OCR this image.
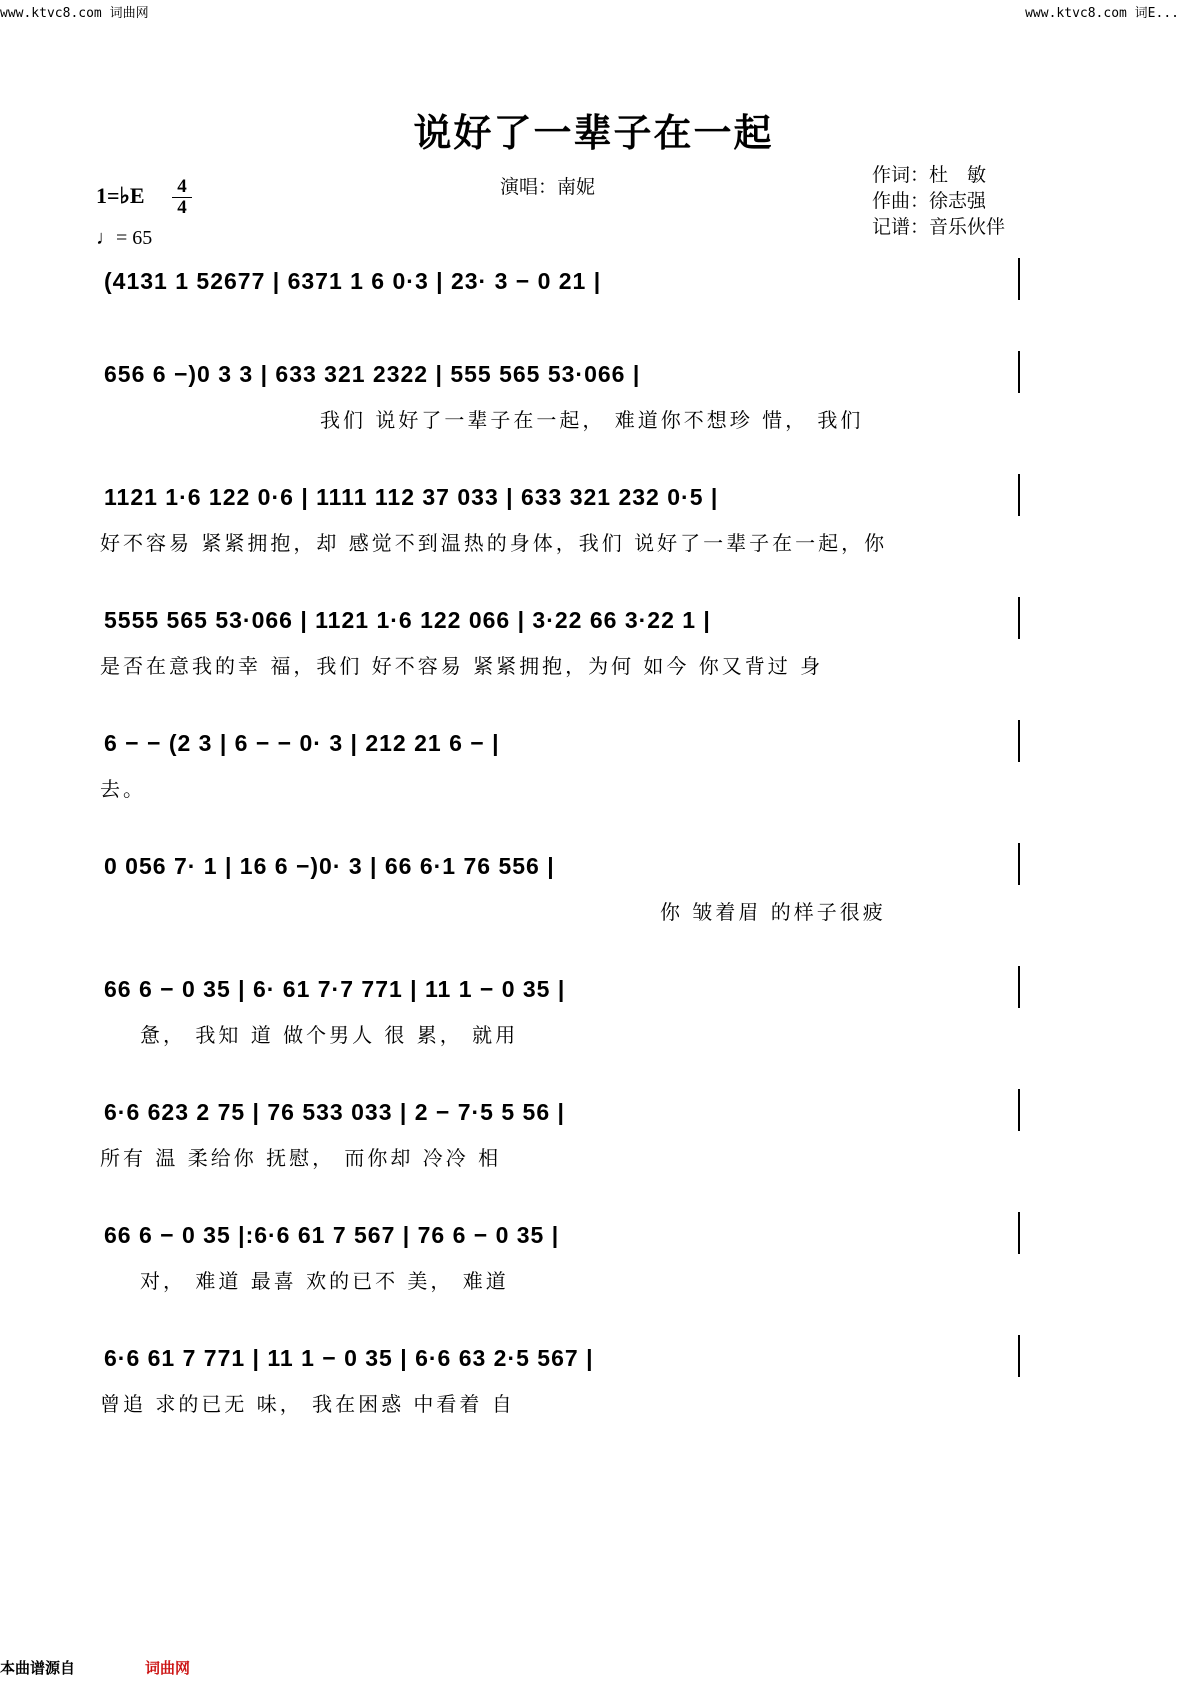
www.ktvc8.com 词曲网	www.ktvc8.com 词E...
说好了一辈子在一起
演唱：南妮
作词：杜　敏
作曲：徐志强
记谱：音乐伙伴
1=♭E 4
4
♩= 65
(4131 1 52677 | 6371 1 6 0·3 | 23· 3 − 0 21 |
656 6 −)0 3 3 | 633 321 2322 | 555 565 53·066 |
我们 说好了一辈子在一起， 难道你不想珍 惜， 我们
1121 1·6 122 0·6 | 1111 112 37 033 | 633 321 232 0·5 |
好不容易 紧紧拥抱，却 感觉不到温热的身体，我们 说好了一辈子在一起，你
5555 565 53·066 | 1121 1·6 122 066 | 3·22 66 3·22 1 |
是否在意我的幸 福，我们 好不容易 紧紧拥抱，为何 如今 你又背过 身
6 − − (2 3 | 6 − − 0· 3 | 212 21 6 − |
去。
0 056 7· 1 | 16 6 −)0· 3 | 66 6·1 76 556 |
你 皱着眉 的样子很疲
66 6 − 0 35 | 6· 61 7·7 771 | 11 1 − 0 35 |
惫， 我知 道 做个男人 很 累， 就用
6·6 623 2 75 | 76 533 033 | 2 − 7·5 5 56 |
所有 温 柔给你 抚慰， 而你却 冷冷 相
66 6 − 0 35 |:6·6 61 7 567 | 76 6 − 0 35 |
对， 难道 最喜 欢的已不 美， 难道
6·6 61 7 771 | 11 1 − 0 35 | 6·6 63 2·5 567 |
曾追 求的已无 味， 我在困惑 中看着 自
本曲谱源自	词曲网
